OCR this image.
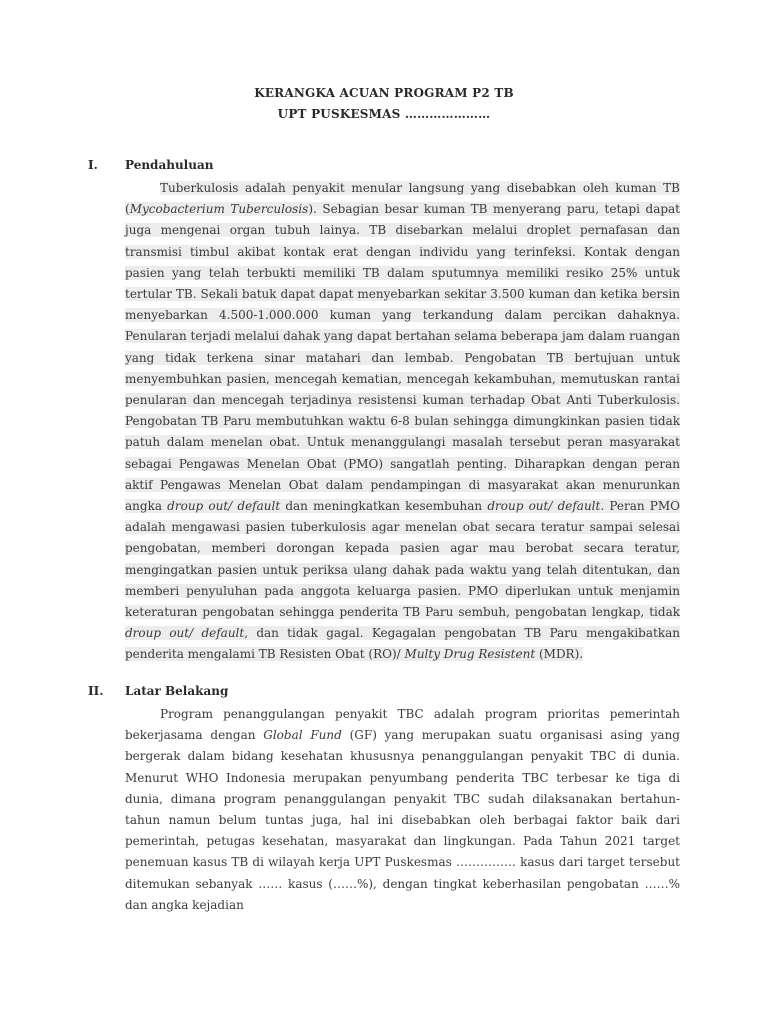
KERANGKA ACUAN PROGRAM P2 TB
UPT PUSKESMAS …………………
I. Pendahuluan
Tuberkulosis adalah penyakit menular langsung yang disebabkan oleh kuman TB (Mycobacterium Tuberculosis). Sebagian besar kuman TB menyerang paru, tetapi dapat juga mengenai organ tubuh lainya. TB disebarkan melalui droplet pernafasan dan transmisi timbul akibat kontak erat dengan individu yang terinfeksi. Kontak dengan pasien yang telah terbukti memiliki TB dalam sputumnya memiliki resiko 25% untuk tertular TB. Sekali batuk dapat dapat menyebarkan sekitar 3.500 kuman dan ketika bersin menyebarkan 4.500-1.000.000 kuman yang terkandung dalam percikan dahaknya. Penularan terjadi melalui dahak yang dapat bertahan selama beberapa jam dalam ruangan yang tidak terkena sinar matahari dan lembab. Pengobatan TB bertujuan untuk menyembuhkan pasien, mencegah kematian, mencegah kekambuhan, memutuskan rantai penularan dan mencegah terjadinya resistensi kuman terhadap Obat Anti Tuberkulosis. Pengobatan TB Paru membutuhkan waktu 6-8 bulan sehingga dimungkinkan pasien tidak patuh dalam menelan obat. Untuk menanggulangi masalah tersebut peran masyarakat sebagai Pengawas Menelan Obat (PMO) sangatlah penting. Diharapkan dengan peran aktif Pengawas Menelan Obat dalam pendampingan di masyarakat akan menurunkan angka droup out/ default dan meningkatkan kesembuhan droup out/ default. Peran PMO adalah mengawasi pasien tuberkulosis agar menelan obat secara teratur sampai selesai pengobatan, memberi dorongan kepada pasien agar mau berobat secara teratur, mengingatkan pasien untuk periksa ulang dahak pada waktu yang telah ditentukan, dan memberi penyuluhan pada anggota keluarga pasien. PMO diperlukan untuk menjamin keteraturan pengobatan sehingga penderita TB Paru sembuh, pengobatan lengkap, tidak droup out/ default, dan tidak gagal. Kegagalan pengobatan TB Paru mengakibatkan penderita mengalami TB Resisten Obat (RO)/ Multy Drug Resistent (MDR).
II. Latar Belakang
Program penanggulangan penyakit TBC adalah program prioritas pemerintah bekerjasama dengan Global Fund (GF) yang merupakan suatu organisasi asing yang bergerak dalam bidang kesehatan khususnya penanggulangan penyakit TBC di dunia. Menurut WHO Indonesia merupakan penyumbang penderita TBC terbesar ke tiga di dunia, dimana program penanggulangan penyakit TBC sudah dilaksanakan bertahun-tahun namun belum tuntas juga, hal ini disebabkan oleh berbagai faktor baik dari pemerintah, petugas kesehatan, masyarakat dan lingkungan. Pada Tahun 2021 target penemuan kasus TB di wilayah kerja UPT Puskesmas …………… kasus dari target tersebut ditemukan sebanyak …… kasus (……%), dengan tingkat keberhasilan pengobatan ……% dan angka kejadian
